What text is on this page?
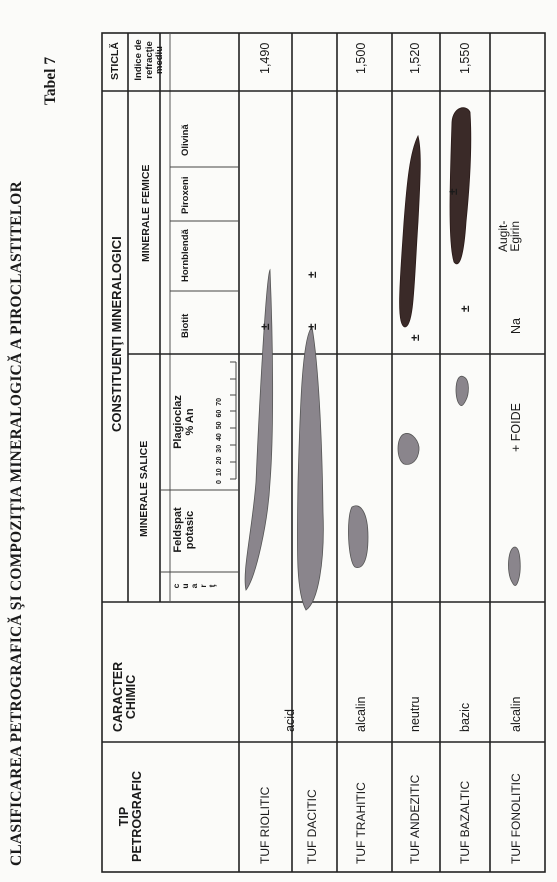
CLASIFICAREA PETROGRAFICĂ ŞI COMPOZIŢIA MINERALOGICĂ A PIROCLASTITELOR
Tabel 7
TIP PETROGRAFIC
CARACTER CHIMIC
CONSTITUENŢI MINERALOGICI
MINERALE SALICE
MINERALE FEMICE
STICLĂ
c u a r ţ
Feldspat potasic
Plagioclaz % An	0 10 20 30 40 50 60 70
Biotit
Hornblendă
Piroxeni
Olivină
Indice de refracţie mediu
TUF RIOLITIC
acid
±
1,490
TUF DACITIC
±
±
TUF TRAHITIC
alcalin
1,500
TUF ANDEZITIC
neutru
±
1,520
TUF BAZALTIC
bazic
±
±
1,550
TUF FONOLITIC
alcalin
+ FOIDE
Na
Augit-
Egirin
